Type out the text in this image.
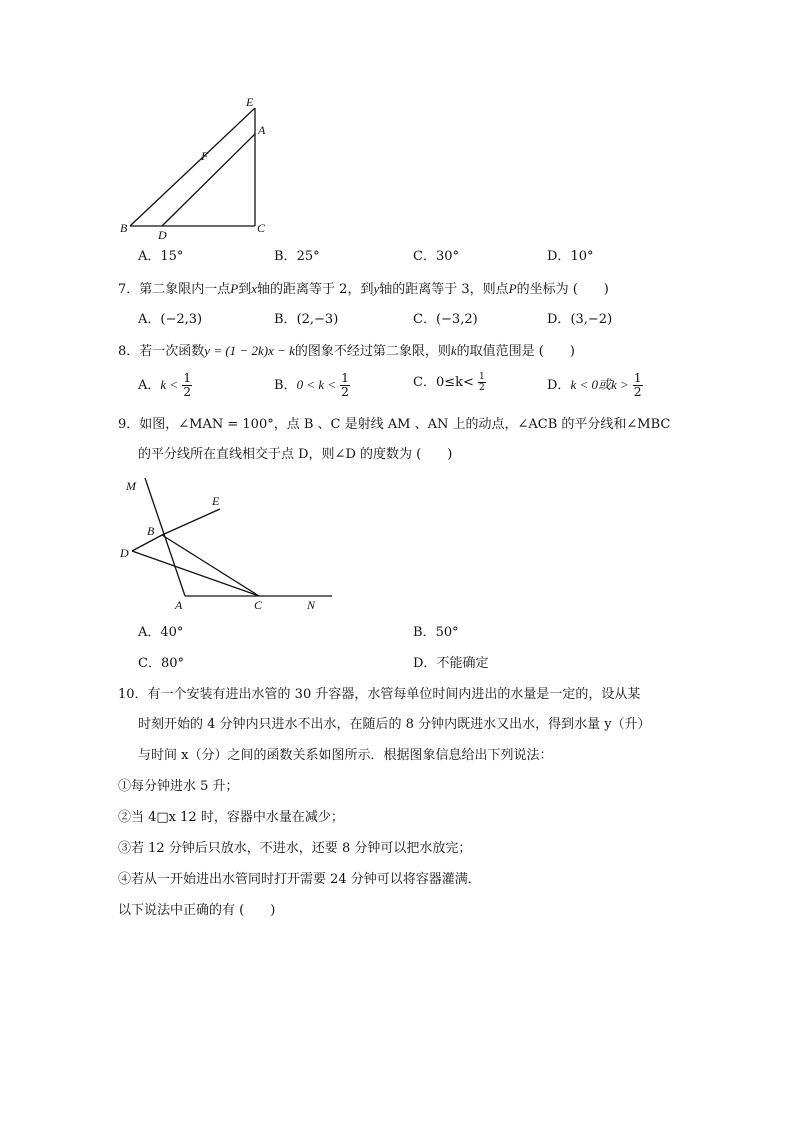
E
A
F
B	D	C
A．15°	B．25°	C．30°	D．10°
7．第二象限内一点P到x轴的距离等于 2，到y轴的距离等于 3，则点P的坐标为 (　　)
A．(−2,3)	B．(2,−3)	C．(−3,2)	D．(3,−2)
8．若一次函数y = (1 − 2k)x − k的图象不经过第二象限，则k的取值范围是 (　　)
A．$k < \frac{1}{2}$	B．$0 < k < \frac{1}{2}$	C．$0\le k< \frac{1}{2}$	D．k < 0或$k > \frac{1}{2}$
9．如图，∠MAN = 100°，点 B 、C 是射线 AM 、AN 上的动点，∠ACB 的平分线和∠MBC
的平分线所在直线相交于点 D，则∠D 的度数为 (　　)
M
E
B
D
A	C	N
A．40°	B．50°
C．80°	D．不能确定
10．有一个安装有进出水管的 30 升容器，水管每单位时间内进出的水量是一定的，设从某
时刻开始的 4 分钟内只进水不出水，在随后的 8 分钟内既进水又出水，得到水量 y（升）
与时间 x（分）之间的函数关系如图所示．根据图象信息给出下列说法：
①每分钟进水 5 升；
②当 4□x 12 时，容器中水量在减少；
③若 12 分钟后只放水，不进水，还要 8 分钟可以把水放完；
④若从一开始进出水管同时打开需要 24 分钟可以将容器灌满．
以下说法中正确的有 (　　)
